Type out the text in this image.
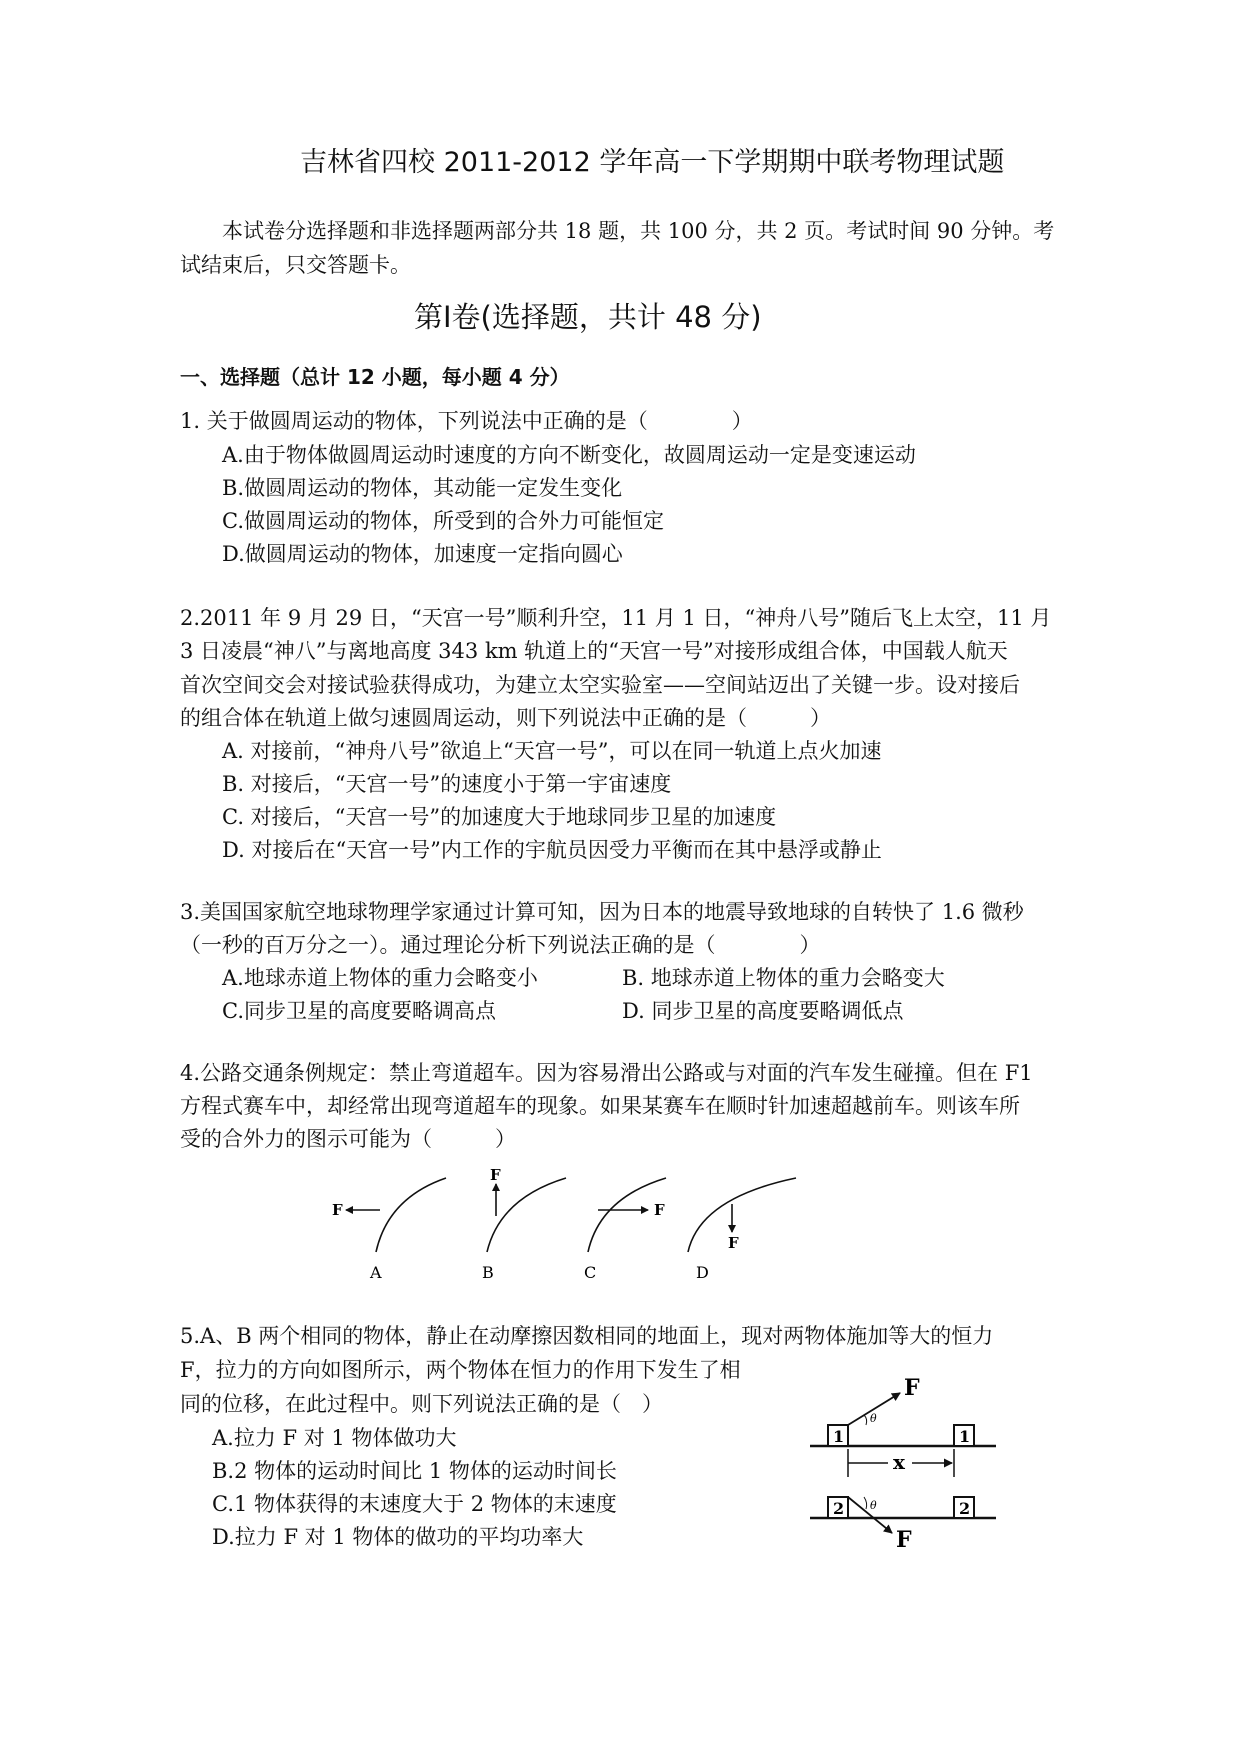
吉林省四校 2011-2012 学年高一下学期期中联考物理试题
本试卷分选择题和非选择题两部分共 18 题，共 100 分，共 2 页。考试时间 90 分钟。考
试结束后，只交答题卡。
第Ⅰ卷(选择题，共计 48 分)
一、选择题（总计 12 小题，每小题 4 分）
1. 关于做圆周运动的物体，下列说法中正确的是（　　　　）
A.由于物体做圆周运动时速度的方向不断变化，故圆周运动一定是变速运动
B.做圆周运动的物体，其动能一定发生变化
C.做圆周运动的物体，所受到的合外力可能恒定
D.做圆周运动的物体，加速度一定指向圆心
2.2011 年 9 月 29 日，“天宫一号”顺利升空，11 月 1 日，“神舟八号”随后飞上太空，11 月
3 日凌晨“神八”与离地高度 343 km 轨道上的“天宫一号”对接形成组合体，中国载人航天
首次空间交会对接试验获得成功，为建立太空实验室——空间站迈出了关键一步。设对接后
的组合体在轨道上做匀速圆周运动，则下列说法中正确的是（　　　）
A. 对接前，“神舟八号”欲追上“天宫一号”，可以在同一轨道上点火加速
B. 对接后，“天宫一号”的速度小于第一宇宙速度
C. 对接后，“天宫一号”的加速度大于地球同步卫星的加速度
D. 对接后在“天宫一号”内工作的宇航员因受力平衡而在其中悬浮或静止
3.美国国家航空地球物理学家通过计算可知，因为日本的地震导致地球的自转快了 1.6 微秒
（一秒的百万分之一）。通过理论分析下列说法正确的是（　　　　）
A.地球赤道上物体的重力会略变小	B. 地球赤道上物体的重力会略变大
C.同步卫星的高度要略调高点	D. 同步卫星的高度要略调低点
4.公路交通条例规定：禁止弯道超车。因为容易滑出公路或与对面的汽车发生碰撞。但在 F1
方程式赛车中，却经常出现弯道超车的现象。如果某赛车在顺时针加速超越前车。则该车所
受的合外力的图示可能为（　　　）
F
A
F
B
F
C
F
D
5.A、B 两个相同的物体，静止在动摩擦因数相同的地面上，现对两物体施加等大的恒力
F，拉力的方向如图所示，两个物体在恒力的作用下发生了相
同的位移，在此过程中。则下列说法正确的是（　）
A.拉力 F 对 1 物体做功大
B.2 物体的运动时间比 1 物体的运动时间长
C.1 物体获得的末速度大于 2 物体的末速度
D.拉力 F 对 1 物体的做功的平均功率大
1	1
F
θ
x
2	2
F
θ
